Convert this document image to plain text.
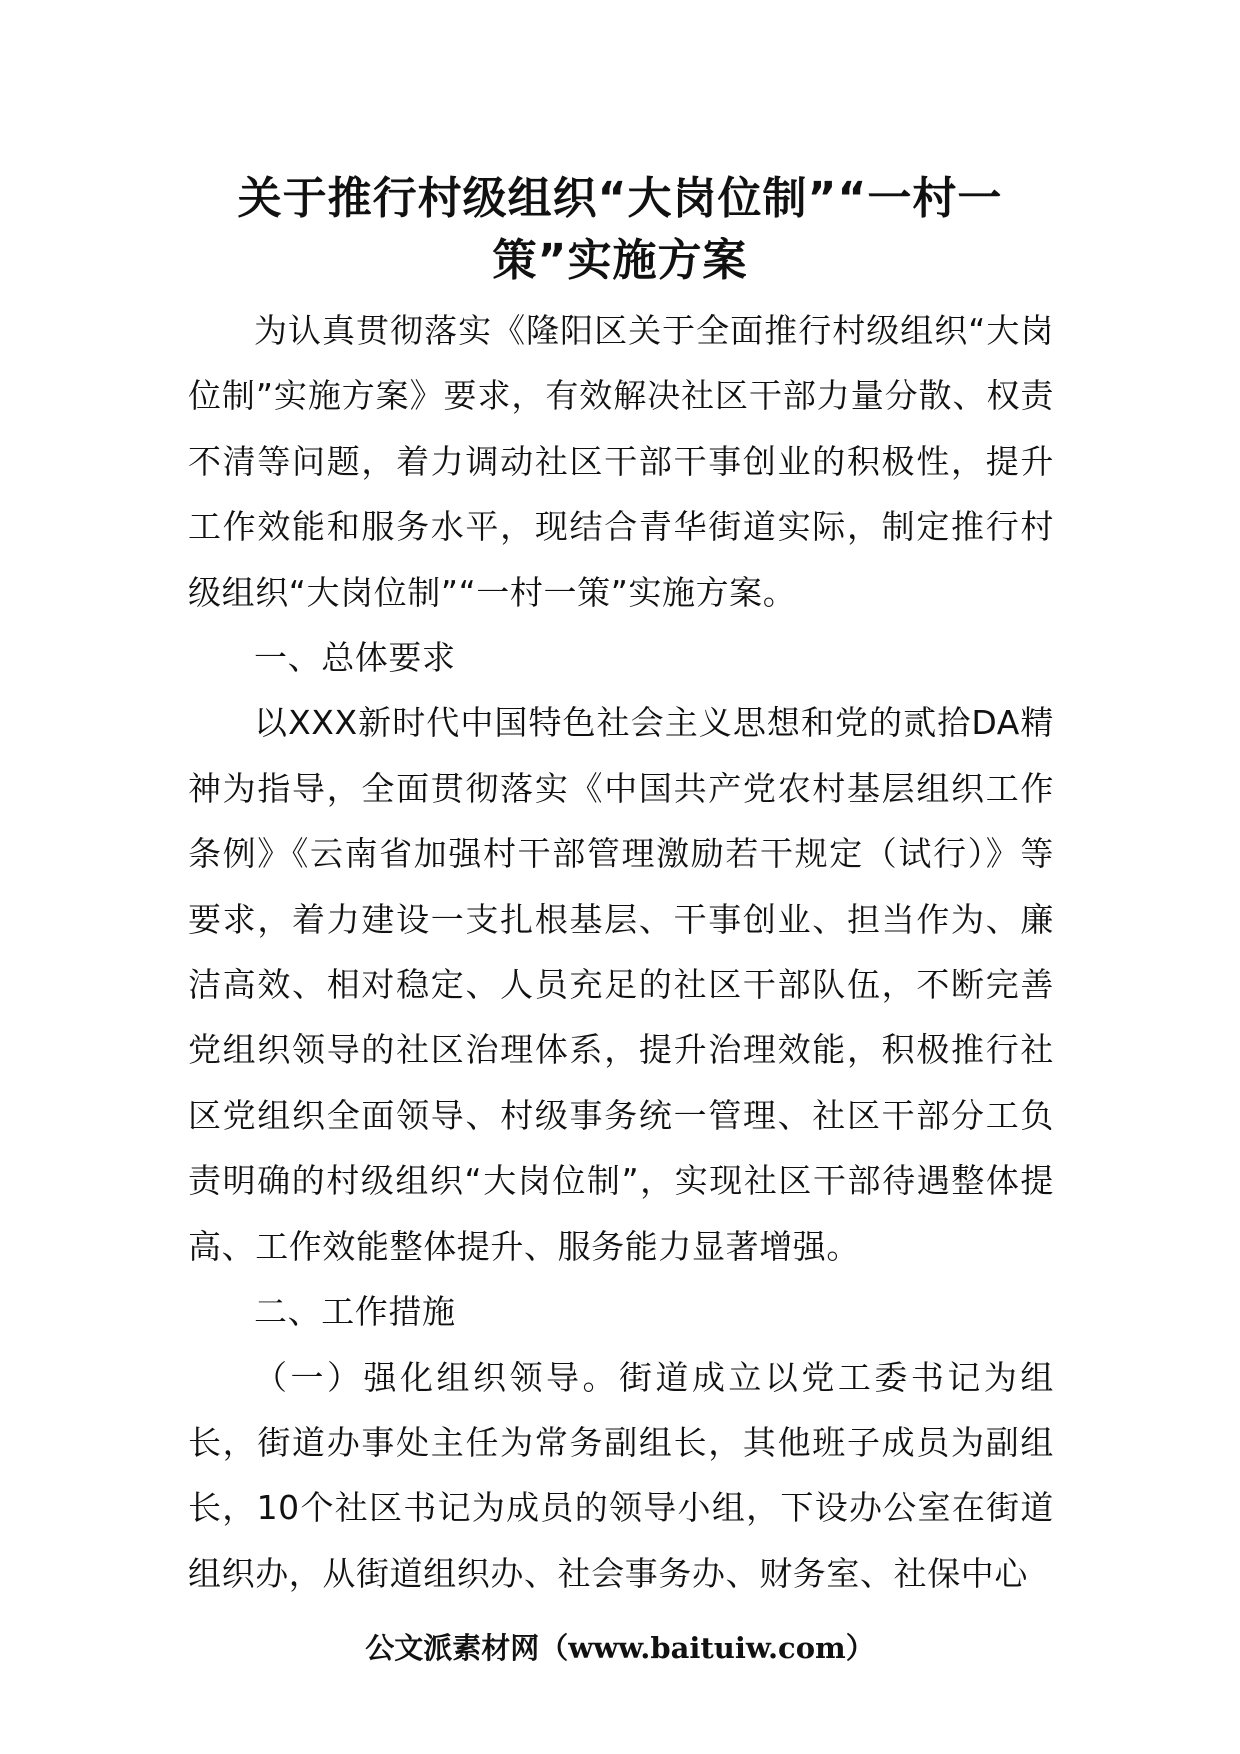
关于推行村级组织“大岗位制”“一村一策”实施方案

为认真贯彻落实《隆阳区关于全面推行村级组织“大岗位制”实施方案》要求，有效解决社区干部力量分散、权责不清等问题，着力调动社区干部干事创业的积极性，提升工作效能和服务水平，现结合青华街道实际，制定推行村级组织“大岗位制”“一村一策”实施方案。

一、总体要求

以XXX新时代中国特色社会主义思想和党的贰拾DA精神为指导，全面贯彻落实《中国共产党农村基层组织工作条例》《云南省加强村干部管理激励若干规定（试行）》等要求，着力建设一支扎根基层、干事创业、担当作为、廉洁高效、相对稳定、人员充足的社区干部队伍，不断完善党组织领导的社区治理体系，提升治理效能，积极推行社区党组织全面领导、村级事务统一管理、社区干部分工负责明确的村级组织“大岗位制”，实现社区干部待遇整体提高、工作效能整体提升、服务能力显著增强。

二、工作措施

（一）强化组织领导。街道成立以党工委书记为组长，街道办事处主任为常务副组长，其他班子成员为副组长，10个社区书记为成员的领导小组，下设办公室在街道组织办，从街道组织办、社会事务办、财务室、社保中心

公文派素材网（www.baituiw.com）
